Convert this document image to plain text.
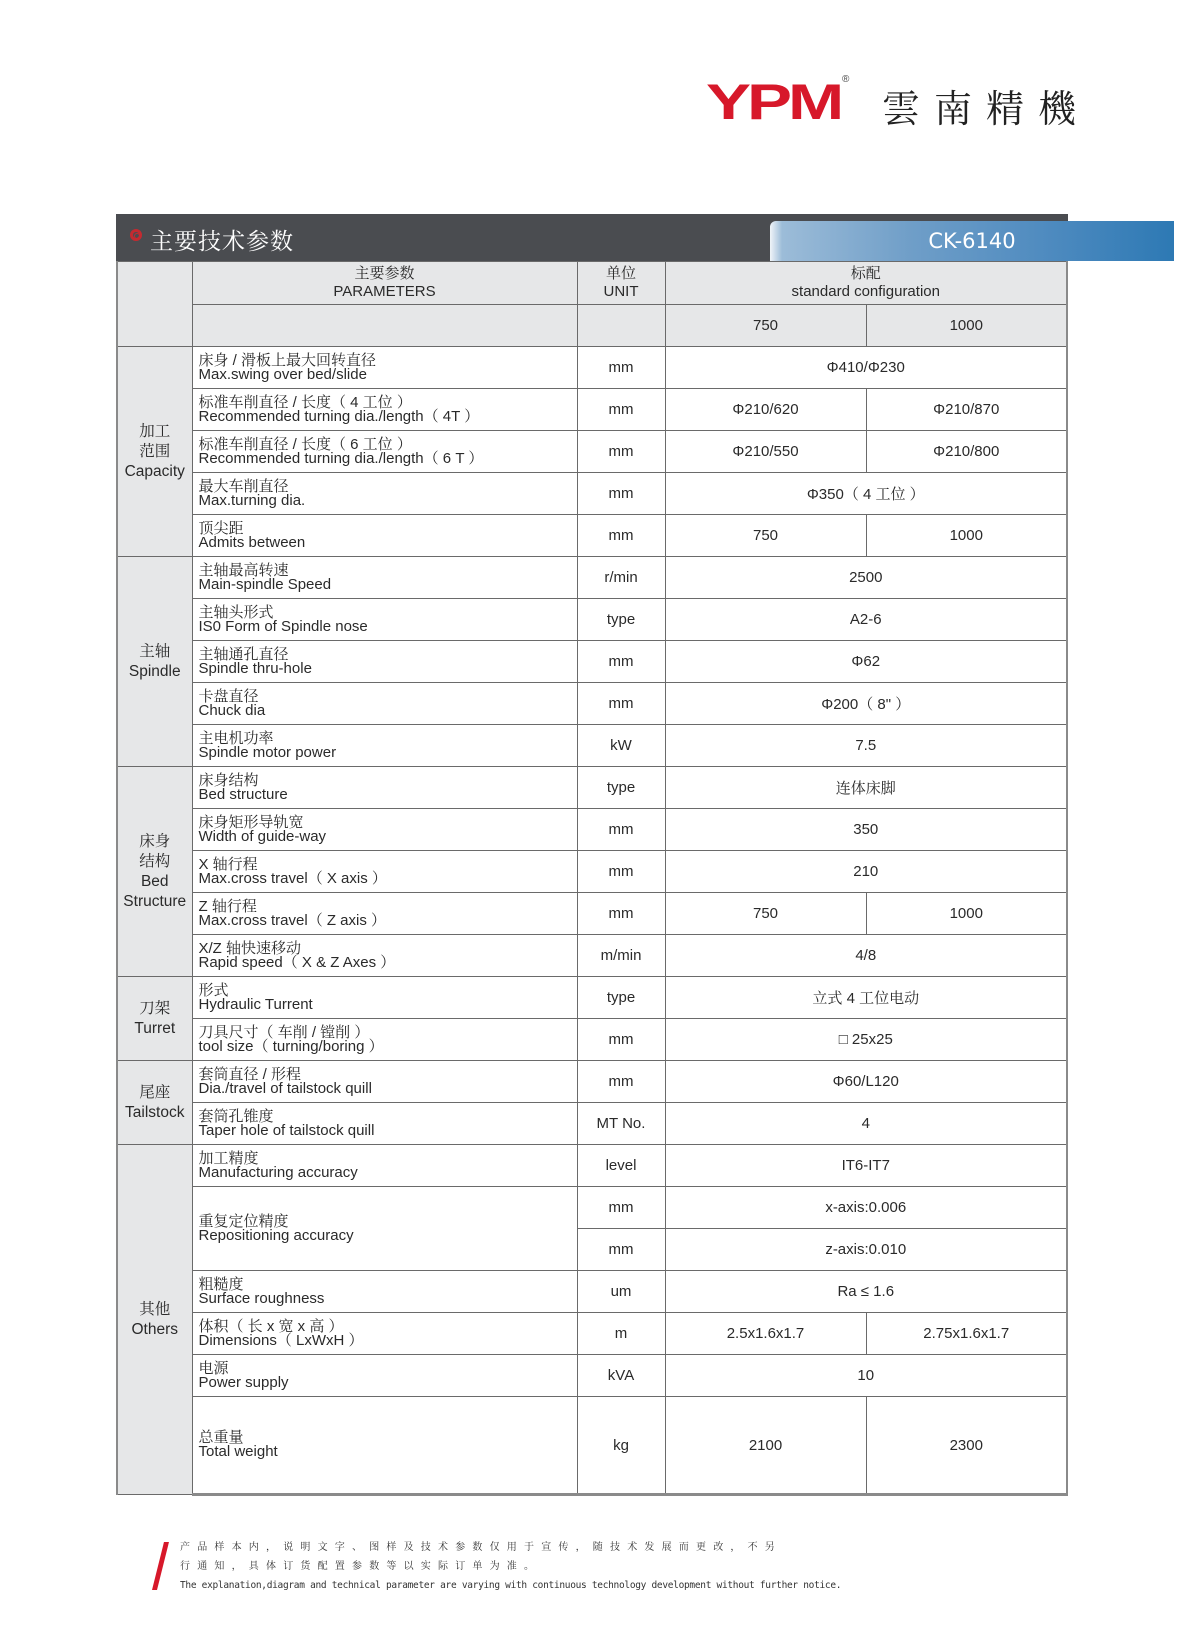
YPM ®
雲南精機
主要技术参数	CK-6140

主要参数
PARAMETERS

单位
UNIT

标配
standard configuration

			750	1000

加工
范围
Capacity

床身 / 滑板上最大回转直径
Max.swing over bed/slide	mm	Φ410/Φ230

	标准车削直径 / 长度（ 4 工位 ）
Recommended turning dia./length（ 4T ）	mm	Φ210/620	Φ210/870

	标准车削直径 / 长度（ 6 工位 ）
Recommended turning dia./length（ 6 T ）	mm	Φ210/550	Φ210/800

	最大车削直径
Max.turning dia.	mm	Φ350（ 4 工位 ）	

	顶尖距
Admits between	mm	750	1000

主轴
Spindle

主轴最高转速
Main-spindle Speed	r/min	2500

	主轴头形式
IS0 Form of Spindle nose	type	A2-6	

	主轴通孔直径
Spindle thru-hole	mm	Φ62	

	卡盘直径
Chuck dia	mm	Φ200（ 8" ）	

	主电机功率
Spindle motor power	kW	7.5	

床身
结构
Bed
Structure

床身结构
Bed structure	type	连体床脚

	床身矩形导轨宽
Width of guide-way	mm	350	

	X 轴行程
Max.cross travel（ X axis ）	mm	210	

	Z 轴行程
Max.cross travel（ Z axis ）	mm	750	1000

	X/Z 轴快速移动
Rapid speed（ X & Z Axes ）	m/min	4/8	

刀架
Turret

形式
Hydraulic Turrent	type	立式 4 工位电动

	刀具尺寸（ 车削 / 镗削 ）
tool size（ turning/boring ）	mm	□ 25x25	

尾座
Tailstock

套筒直径 / 形程
Dia./travel of tailstock quill	mm	Φ60/L120

	套筒孔锥度
Taper hole of tailstock quill	MT No.	4	

其他
Others

加工精度
Manufacturing accuracy	level	IT6-IT7

	重复定位精度
Repositioning accuracy	mm	x-axis:0.006	
		mm	z-axis:0.010	

	粗糙度
Surface roughness	um	Ra ≤ 1.6	

	体积（ 长 x 宽 x 高 ）
Dimensions（ LxWxH ）	m	2.5x1.6x1.7	2.75x1.6x1.7

	电源
Power supply	kVA	10	

	总重量
Total weight	kg	2100	2300
产品样本内，说明文字、图样及技术参数仅用于宣传，随技术发展而更改，不另
行通知，具体订货配置参数等以实际订单为准。
The explanation,diagram and technical parameter are varying with continuous technology development without further notice.
